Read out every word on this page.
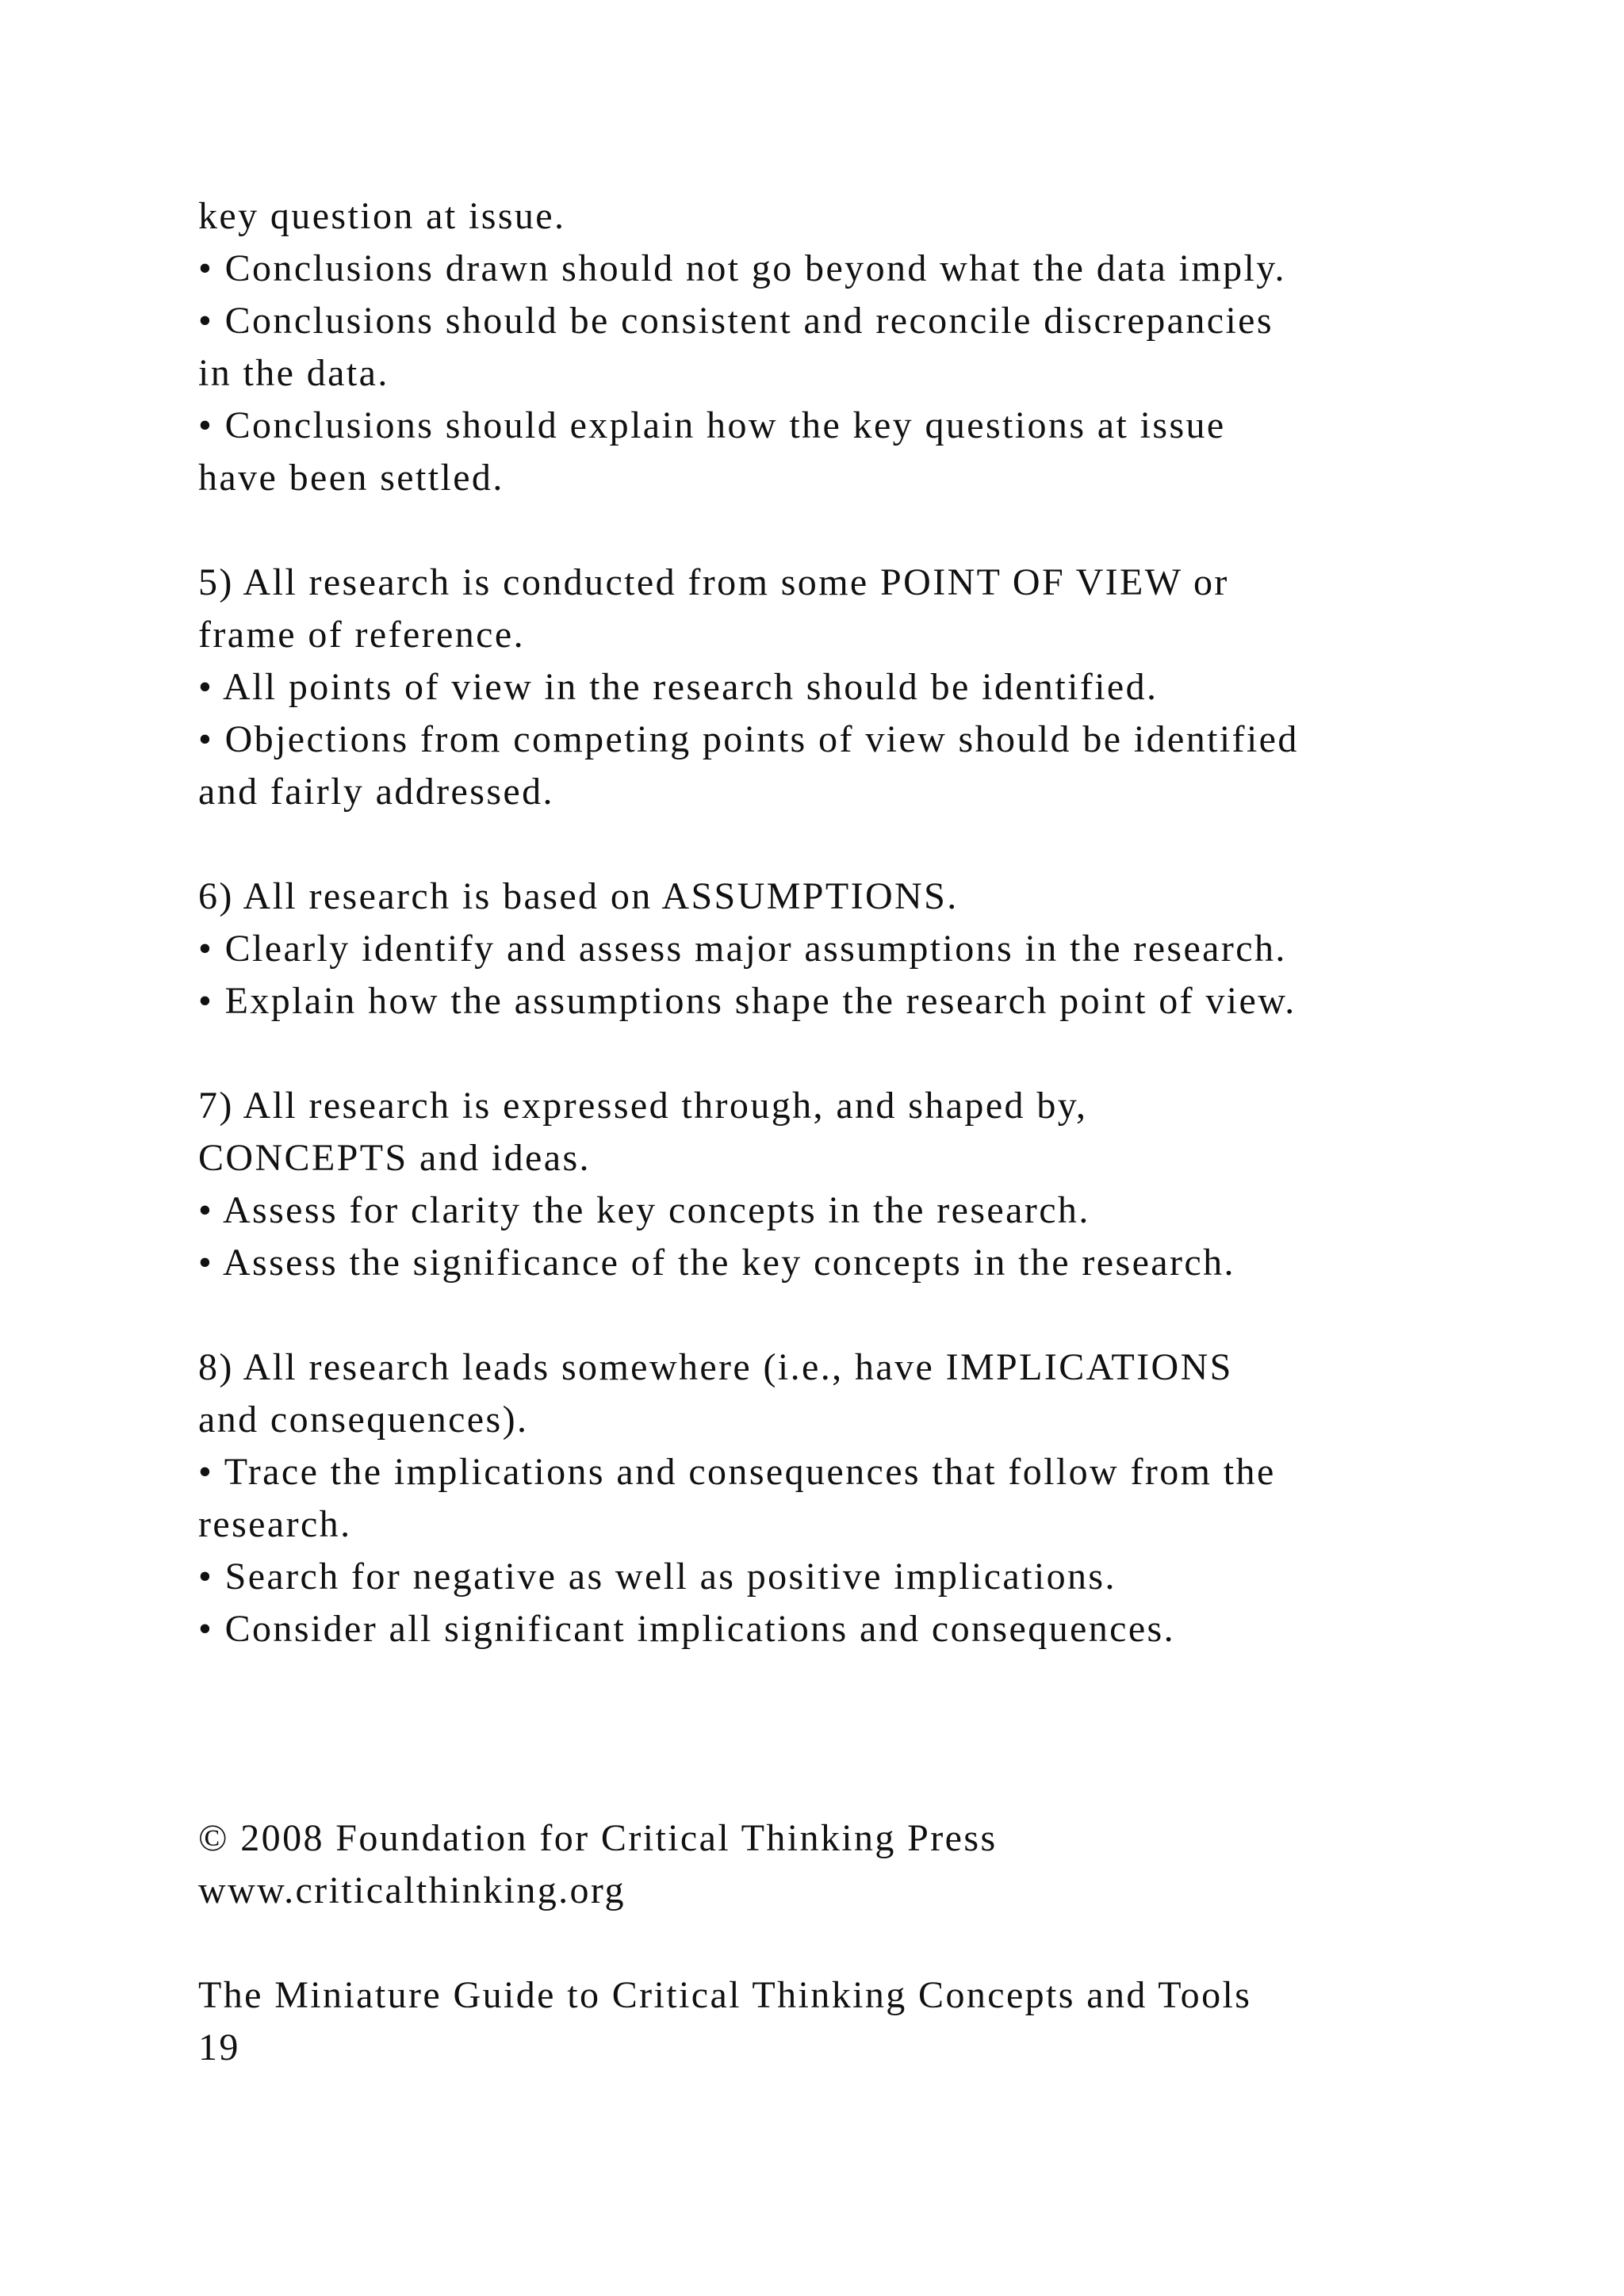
key question at issue.
• Conclusions drawn should not go beyond what the data imply.
• Conclusions should be consistent and reconcile discrepancies
in the data.
• Conclusions should explain how the key questions at issue
have been settled.
5) All research is conducted from some POINT OF VIEW or
frame of reference.
• All points of view in the research should be identified.
• Objections from competing points of view should be identified
and fairly addressed.
6) All research is based on ASSUMPTIONS.
• Clearly identify and assess major assumptions in the research.
• Explain how the assumptions shape the research point of view.
7) All research is expressed through, and shaped by,
CONCEPTS and ideas.
• Assess for clarity the key concepts in the research.
• Assess the significance of the key concepts in the research.
8) All research leads somewhere (i.e., have IMPLICATIONS
and consequences).
• Trace the implications and consequences that follow from the
research.
• Search for negative as well as positive implications.
• Consider all significant implications and consequences.
© 2008 Foundation for Critical Thinking Press
www.criticalthinking.org
The Miniature Guide to Critical Thinking Concepts and Tools
19
